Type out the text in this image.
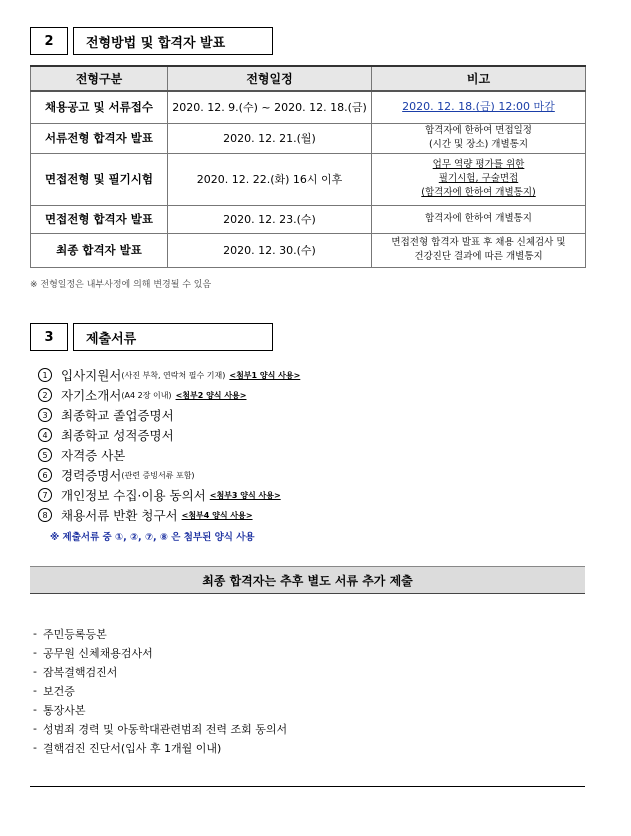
2	전형방법 및 합격자 발표
전형구분	전형일정	비고
채용공고 및 서류접수	2020. 12. 9.(수) ~ 2020. 12. 18.(금)	2020. 12. 18.(금) 12:00 마감
서류전형 합격자 발표	2020. 12. 21.(월)	합격자에 한하여 면접일정
(시간 및 장소) 개별통지

면접전형 및 필기시험	2020. 12. 22.(화) 16시 이후	업무 역량 평가를 위한
필기시험, 구술면접
(합격자에 한하여 개별통지)

면접전형 합격자 발표	2020. 12. 23.(수)	합격자에 한하여 개별통지

최종 합격자 발표	2020. 12. 30.(수)	면접전형 합격자 발표 후 채용 신체검사 및
건강진단 결과에 따른 개별통지
※ 전형일정은 내부사정에 의해 변경될 수 있음
3	제출서류
1	입사지원서 (사진 부착, 연락처 필수 기재) <첨부1 양식 사용>
2	자기소개서 (A4 2장 이내) <첨부2 양식 사용>
3	최종학교 졸업증명서
4	최종학교 성적증명서
5	자격증 사본
6	경력증명서 (관련 증빙서류 포함)
7	개인정보 수집·이용 동의서 <첨부3 양식 사용>
8	채용서류 반환 청구서 <첨부4 양식 사용>
※ 제출서류 중 ①, ②, ⑦, ⑧ 은 첨부된 양식 사용
최종 합격자는 추후 별도 서류 추가 제출
- 주민등록등본
- 공무원 신체채용검사서
- 잠복결핵검진서
- 보건증
- 통장사본
- 성범죄 경력 및 아동학대관련범죄 전력 조회 동의서
- 결핵검진 진단서(입사 후 1개월 이내)
